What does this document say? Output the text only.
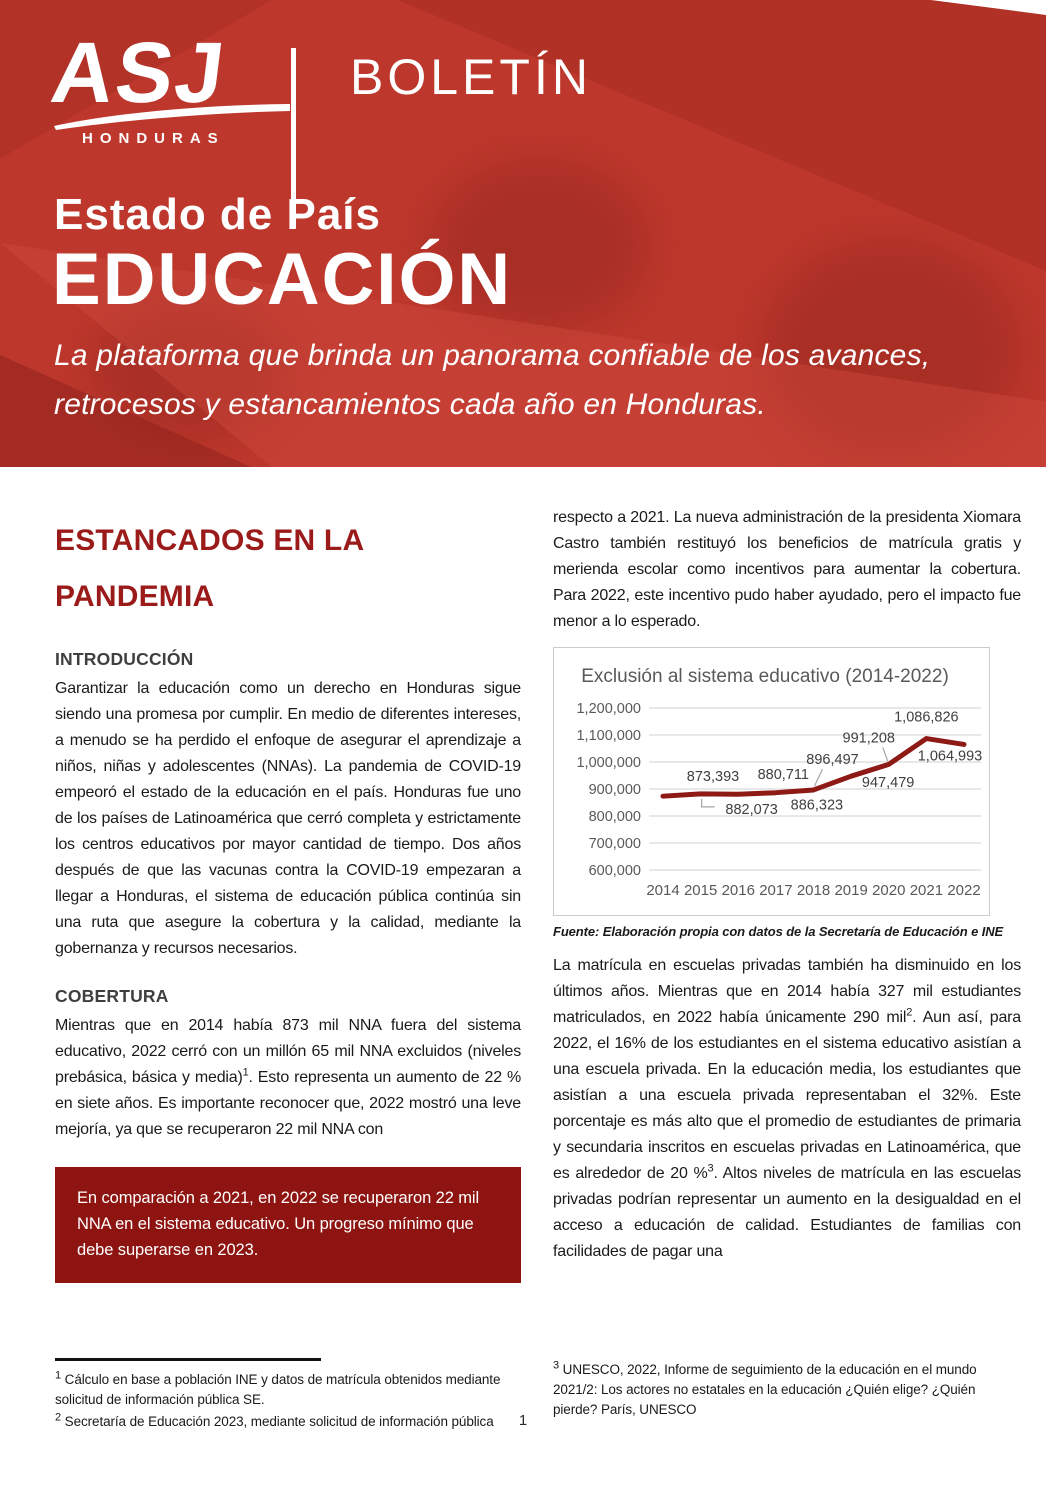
ASJ
HONDURAS
BOLETÍN
Estado de País
EDUCACIÓN
La plataforma que brinda un panorama confiable de los avances, retrocesos y estancamientos cada año en Honduras.
ESTANCADOS EN LA PANDEMIA
INTRODUCCIÓN

Garantizar la educación como un derecho en Honduras sigue siendo una promesa por cumplir. En medio de diferentes intereses, a menudo se ha perdido el enfoque de asegurar el aprendizaje a niños, niñas y adolescentes (NNAs). La pandemia de COVID-19 empeoró el estado de la educación en el país. Honduras fue uno de los países de Latinoamérica que cerró completa y estrictamente los centros educativos por mayor cantidad de tiempo. Dos años después de que las vacunas contra la COVID-19 empezaran a llegar a Honduras, el sistema de educación pública continúa sin una ruta que asegure la cobertura y la calidad, mediante la gobernanza y recursos necesarios.

COBERTURA

Mientras que en 2014 había 873 mil NNA fuera del sistema educativo, 2022 cerró con un millón 65 mil NNA excluidos (niveles prebásica, básica y media)$^1$. Esto representa un aumento de 22 % en siete años. Es importante reconocer que, 2022 mostró una leve mejoría, ya que se recuperaron 22 mil NNA con

En comparación a 2021, en 2022 se recuperaron 22 mil NNA en el sistema educativo. Un progreso mínimo que debe superarse en 2023.

respecto a 2021. La nueva administración de la presidenta Xiomara Castro también restituyó los beneficios de matrícula gratis y merienda escolar como incentivos para aumentar la cobertura. Para 2022, este incentivo pudo haber ayudado, pero el impacto fue menor a lo esperado.

Exclusión al sistema educativo (2014-2022)
1,200,000
1,100,000
1,000,000
900,000
800,000
700,000
600,000
2014 2015 2016 2017 2018 2019 2020 2021 2022
873,393
882,073
880,711
886,323
896,497
947,479
991,208
1,086,826
1,064,993
Fuente: Elaboración propia con datos de la Secretaría de Educación e INE

La matrícula en escuelas privadas también ha disminuido en los últimos años. Mientras que en 2014 había 327 mil estudiantes matriculados, en 2022 había únicamente 290 mil$^2$. Aun así, para 2022, el 16% de los estudiantes en el sistema educativo asistían a una escuela privada. En la educación media, los estudiantes que asistían a una escuela privada representaban el 32%. Este porcentaje es más alto que el promedio de estudiantes de primaria y secundaria inscritos en escuelas privadas en Latinoamérica, que es alrededor de 20 %$^3$. Altos niveles de matrícula en las escuelas privadas podrían representar un aumento en la desigualdad en el acceso a educación de calidad. Estudiantes de familias con facilidades de pagar una

$^1$ Cálculo en base a población INE y datos de matrícula obtenidos mediante solicitud de información pública SE.
$^2$ Secretaría de Educación 2023, mediante solicitud de información pública
$^3$ UNESCO, 2022, Informe de seguimiento de la educación en el mundo 2021/2: Los actores no estatales en la educación ¿Quién elige? ¿Quién pierde? París, UNESCO
1
